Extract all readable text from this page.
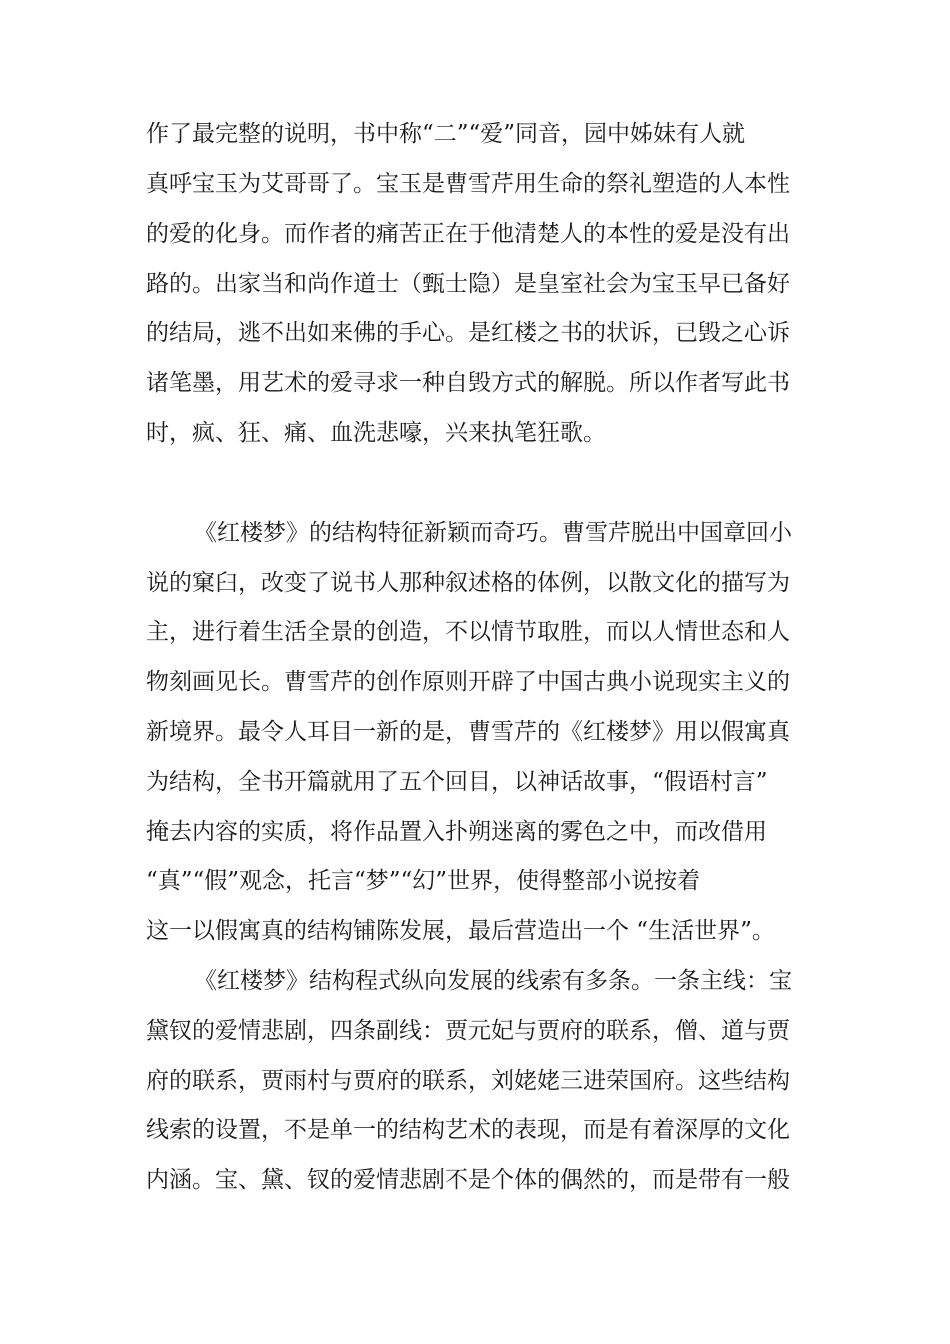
作了最完整的说明，书中称“二”“爱”同音，园中姊妹有人就
真呼宝玉为艾哥哥了。宝玉是曹雪芹用生命的祭礼塑造的人本性
的爱的化身。而作者的痛苦正在于他清楚人的本性的爱是没有出
路的。出家当和尚作道士（甄士隐）是皇室社会为宝玉早已备好
的结局，逃不出如来佛的手心。是红楼之书的状诉，已毁之心诉
诸笔墨，用艺术的爱寻求一种自毁方式的解脱。所以作者写此书
时，疯、狂、痛、血洗悲嚎，兴来执笔狂歌。
《红楼梦》的结构特征新颖而奇巧。曹雪芹脱出中国章回小
说的窠臼，改变了说书人那种叙述格的体例，以散文化的描写为
主，进行着生活全景的创造，不以情节取胜，而以人情世态和人
物刻画见长。曹雪芹的创作原则开辟了中国古典小说现实主义的
新境界。最令人耳目一新的是，曹雪芹的《红楼梦》用以假寓真
为结构，全书开篇就用了五个回目，以神话故事，“假语村言”
掩去内容的实质，将作品置入扑朔迷离的雾色之中，而改借用
“真”“假”观念，托言“梦”“幻”世界，使得整部小说按着
这一以假寓真的结构铺陈发展，最后营造出一个 “生活世界”。
《红楼梦》结构程式纵向发展的线索有多条。一条主线：宝
黛钗的爱情悲剧，四条副线：贾元妃与贾府的联系，僧、道与贾
府的联系，贾雨村与贾府的联系，刘姥姥三进荣国府。这些结构
线索的设置，不是单一的结构艺术的表现，而是有着深厚的文化
内涵。宝、黛、钗的爱情悲剧不是个体的偶然的，而是带有一般
